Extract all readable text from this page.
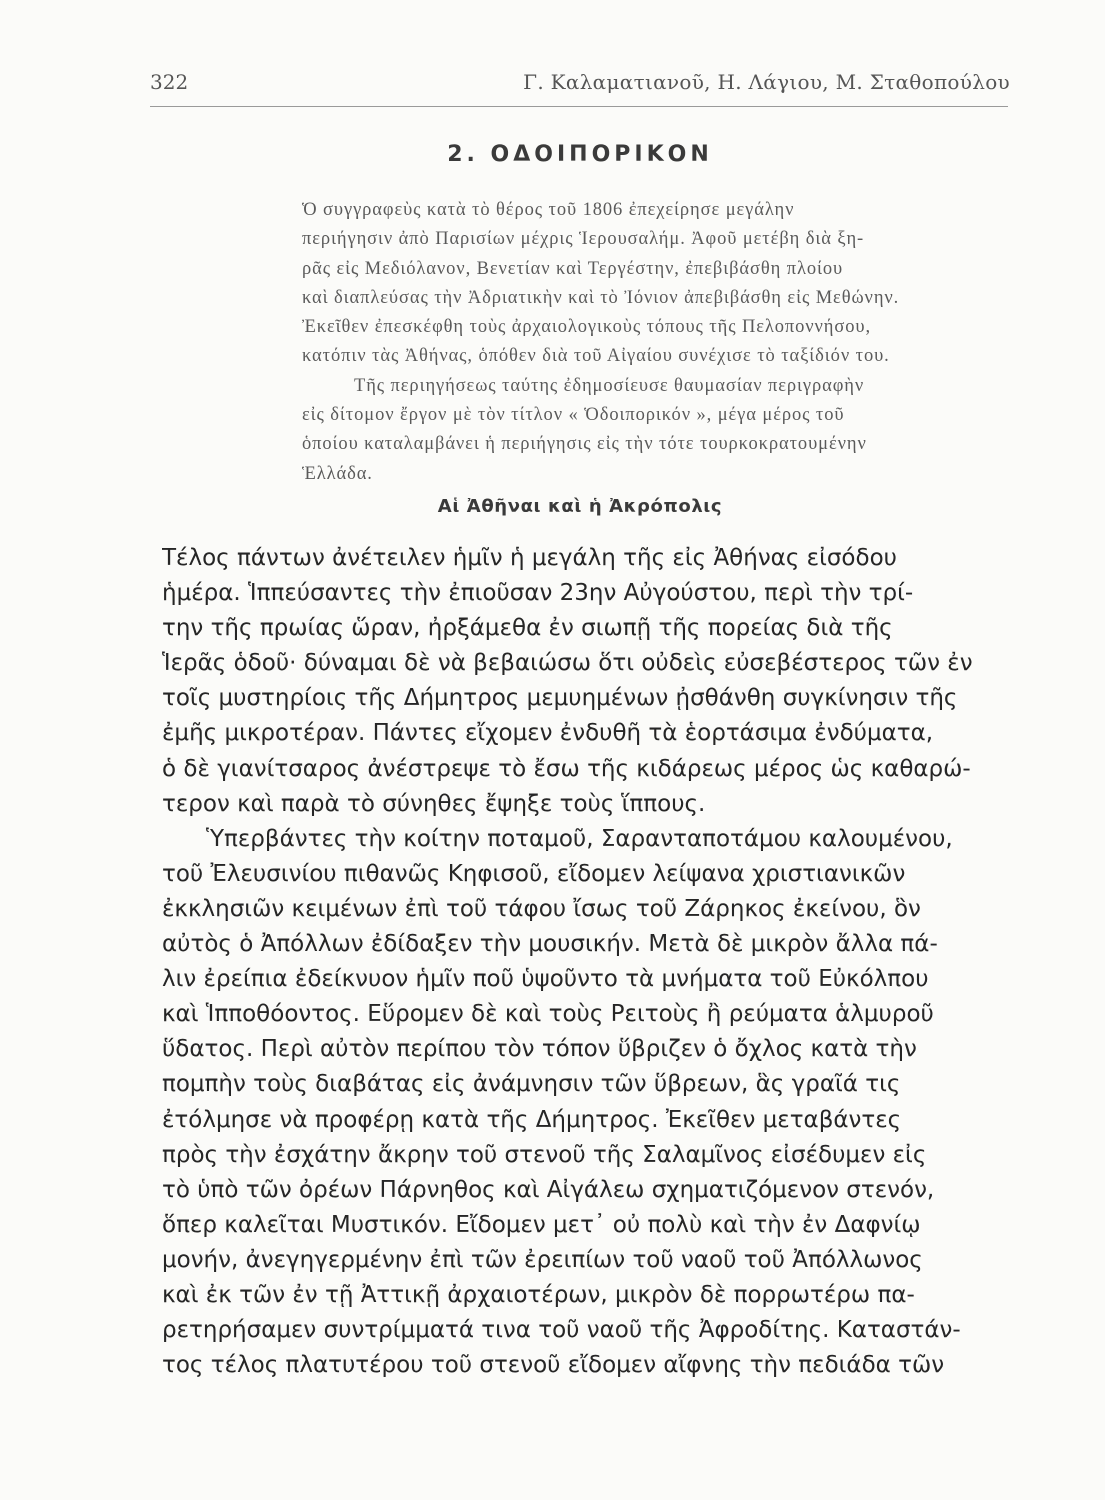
322	Γ. Καλαματιανοῦ, Η. Λάγιου, Μ. Σταθοπούλου
2. ΟΔΟΙΠΟΡΙΚΟΝ
Ὁ συγγραφεὺς κατὰ τὸ θέρος τοῦ 1806 ἐπεχείρησε μεγάλην
περιήγησιν ἀπὸ Παρισίων μέχρις Ἱερουσαλήμ. Ἀφοῦ μετέβη διὰ ξη-
ρᾶς εἰς Μεδιόλανον, Βενετίαν καὶ Τεργέστην, ἐπεβιβάσθη πλοίου
καὶ διαπλεύσας τὴν Ἀδριατικὴν καὶ τὸ Ἰόνιον ἀπεβιβάσθη εἰς Μεθώνην.
Ἐκεῖθεν ἐπεσκέφθη τοὺς ἀρχαιολογικοὺς τόπους τῆς Πελοποννήσου,
κατόπιν τὰς Ἀθήνας, ὁπόθεν διὰ τοῦ Αἰγαίου συνέχισε τὸ ταξίδιόν του.
Τῆς περιηγήσεως ταύτης ἐδημοσίευσε θαυμασίαν περιγραφὴν
εἰς δίτομον ἔργον μὲ τὸν τίτλον « Ὁδοιπορικόν », μέγα μέρος τοῦ
ὁποίου καταλαμβάνει ἡ περιήγησις εἰς τὴν τότε τουρκοκρατουμένην
Ἑλλάδα.
Αἱ Ἀθῆναι καὶ ἡ Ἀκρόπολις
Τέλος πάντων ἀνέτειλεν ἡμῖν ἡ μεγάλη τῆς εἰς Ἀθήνας εἰσόδου
ἡμέρα. Ἱππεύσαντες τὴν ἐπιοῦσαν 23ην Αὐγούστου, περὶ τὴν τρί-
την τῆς πρωίας ὥραν, ἠρξάμεθα ἐν σιωπῇ τῆς πορείας διὰ τῆς
Ἱερᾶς ὁδοῦ· δύναμαι δὲ νὰ βεβαιώσω ὅτι οὐδεὶς εὐσεβέστερος τῶν ἐν
τοῖς μυστηρίοις τῆς Δήμητρος μεμυημένων ᾐσθάνθη συγκίνησιν τῆς
ἐμῆς μικροτέραν. Πάντες εἴχομεν ἐνδυθῆ τὰ ἑορτάσιμα ἐνδύματα,
ὁ δὲ γιανίτσαρος ἀνέστρεψε τὸ ἔσω τῆς κιδάρεως μέρος ὡς καθαρώ-
τερον καὶ παρὰ τὸ σύνηθες ἔψηξε τοὺς ἵππους.
Ὑπερβάντες τὴν κοίτην ποταμοῦ, Σαρανταποτάμου καλουμένου,
τοῦ Ἐλευσινίου πιθανῶς Κηφισοῦ, εἴδομεν λείψανα χριστιανικῶν
ἐκκλησιῶν κειμένων ἐπὶ τοῦ τάφου ἴσως τοῦ Ζάρηκος ἐκείνου, ὃν
αὐτὸς ὁ Ἀπόλλων ἐδίδαξεν τὴν μουσικήν. Μετὰ δὲ μικρὸν ἄλλα πά-
λιν ἐρείπια ἐδείκνυον ἡμῖν ποῦ ὑψοῦντο τὰ μνήματα τοῦ Εὐκόλπου
καὶ Ἱπποθόοντος. Εὕρομεν δὲ καὶ τοὺς Ρειτοὺς ἢ ρεύματα ἁλμυροῦ
ὕδατος. Περὶ αὐτὸν περίπου τὸν τόπον ὕβριζεν ὁ ὄχλος κατὰ τὴν
πομπὴν τοὺς διαβάτας εἰς ἀνάμνησιν τῶν ὕβρεων, ἃς γραῖά τις
ἐτόλμησε νὰ προφέρῃ κατὰ τῆς Δήμητρος. Ἐκεῖθεν μεταβάντες
πρὸς τὴν ἐσχάτην ἄκρην τοῦ στενοῦ τῆς Σαλαμῖνος εἰσέδυμεν εἰς
τὸ ὑπὸ τῶν ὀρέων Πάρνηθος καὶ Αἰγάλεω σχηματιζόμενον στενόν,
ὅπερ καλεῖται Μυστικόν. Εἴδομεν μετ᾽ οὐ πολὺ καὶ τὴν ἐν Δαφνίῳ
μονήν, ἀνεγηγερμένην ἐπὶ τῶν ἐρειπίων τοῦ ναοῦ τοῦ Ἀπόλλωνος
καὶ ἐκ τῶν ἐν τῇ Ἀττικῇ ἀρχαιοτέρων, μικρὸν δὲ πορρωτέρω πα-
ρετηρήσαμεν συντρίμματά τινα τοῦ ναοῦ τῆς Ἀφροδίτης. Καταστάν-
τος τέλος πλατυτέρου τοῦ στενοῦ εἴδομεν αἴφνης τὴν πεδιάδα τῶν
